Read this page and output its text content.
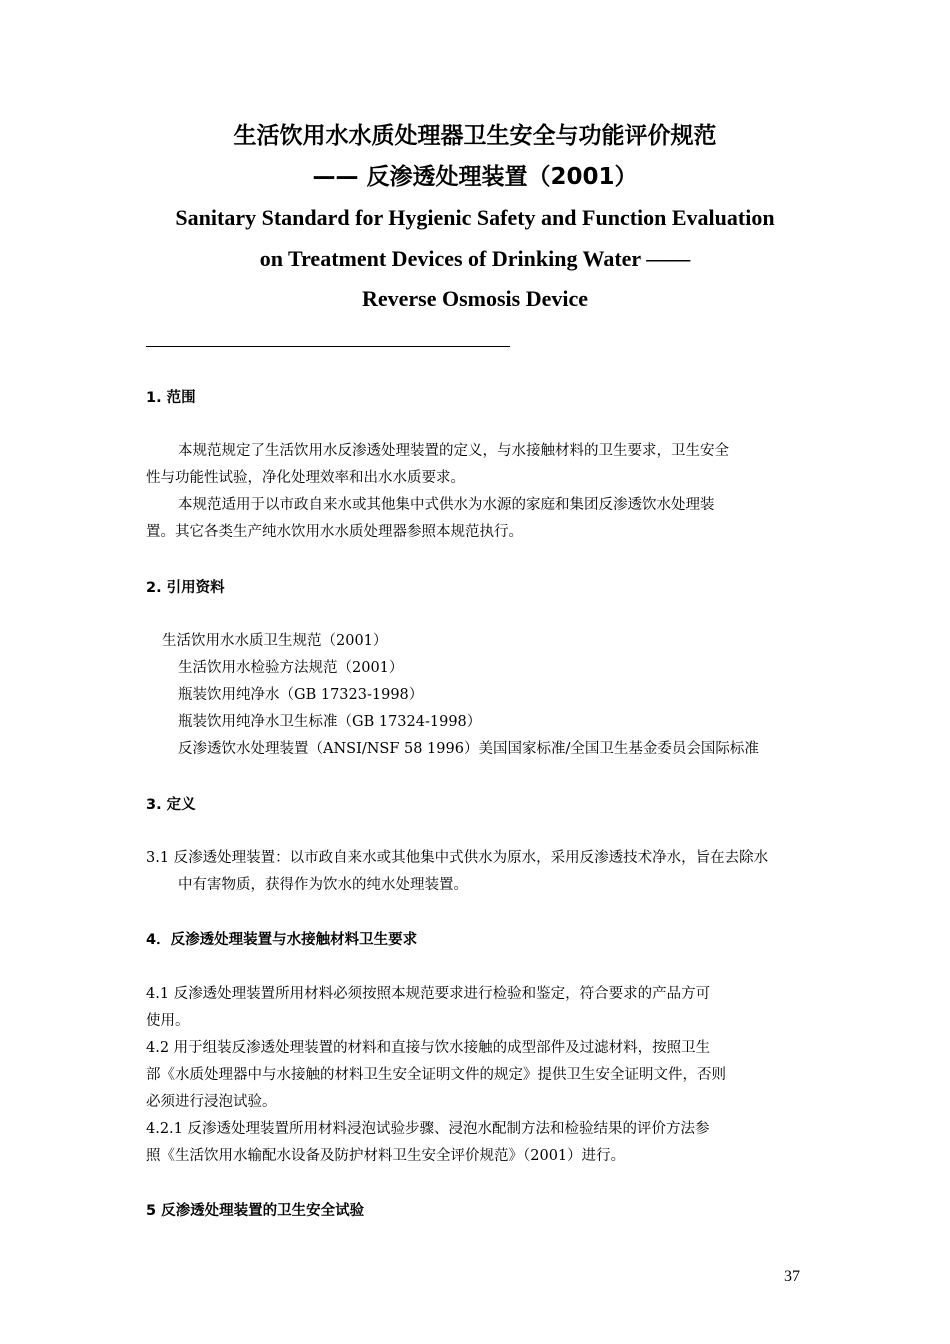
生活饮用水水质处理器卫生安全与功能评价规范
—— 反渗透处理装置（2001）
Sanitary Standard for Hygienic Safety and Function Evaluation
on Treatment Devices of Drinking Water ——
Reverse Osmosis Device
1. 范围
本规范规定了生活饮用水反渗透处理装置的定义，与水接触材料的卫生要求，卫生安全
性与功能性试验，净化处理效率和出水水质要求。
本规范适用于以市政自来水或其他集中式供水为水源的家庭和集团反渗透饮水处理装
置。其它各类生产纯水饮用水水质处理器参照本规范执行。
2. 引用资料
生活饮用水水质卫生规范（2001）
生活饮用水检验方法规范（2001）
瓶装饮用纯净水（GB 17323-1998）
瓶装饮用纯净水卫生标准（GB 17324-1998）
反渗透饮水处理装置（ANSI/NSF 58 1996）美国国家标准/全国卫生基金委员会国际标准
3. 定义
3.1 反渗透处理装置：以市政自来水或其他集中式供水为原水，采用反渗透技术净水，旨在去除水
中有害物质，获得作为饮水的纯水处理装置。
4．反渗透处理装置与水接触材料卫生要求
4.1 反渗透处理装置所用材料必须按照本规范要求进行检验和鉴定，符合要求的产品方可
使用。
4.2 用于组装反渗透处理装置的材料和直接与饮水接触的成型部件及过滤材料，按照卫生
部《水质处理器中与水接触的材料卫生安全证明文件的规定》提供卫生安全证明文件，否则
必须进行浸泡试验。
4.2.1 反渗透处理装置所用材料浸泡试验步骤、浸泡水配制方法和检验结果的评价方法参
照《生活饮用水输配水设备及防护材料卫生安全评价规范》（2001）进行。
5 反渗透处理装置的卫生安全试验
37
